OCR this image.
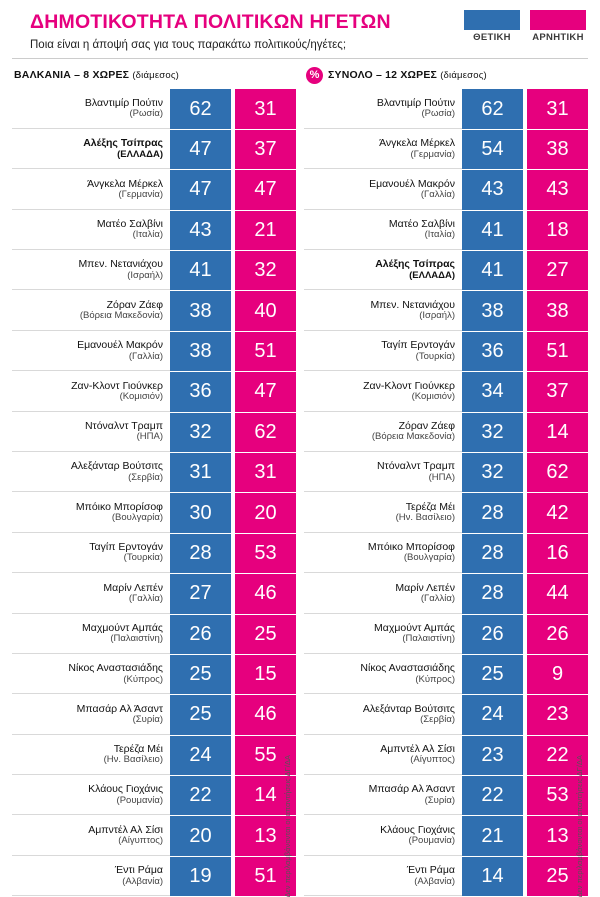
ΘΕΤΙΚΗ	ΑΡΝΗΤΙΚΗ
ΔΗΜΟΤΙΚΟΤΗΤΑ ΠΟΛΙΤΙΚΩΝ ΗΓΕΤΩΝ
Ποια είναι η άποψή σας για τους παρακάτω πολιτικούς/ηγέτες;
ΒΑΛΚΑΝΙΑ – 8 ΧΩΡΕΣ (διάμεσος)
Βλαντιμίρ Πούτιν
(Ρωσία)	62	31
Αλέξης Τσίπρας
(ΕΛΛΑΔΑ)	47	37
Άνγκελα Μέρκελ
(Γερμανία)	47	47
Ματέο Σαλβίνι
(Ιταλία)	43	21
Μπεν. Νετανιάχου
(Ισραήλ)	41	32
Ζόραν Ζάεφ
(Βόρεια Μακεδονία)	38	40
Εμανουέλ Μακρόν
(Γαλλία)	38	51
Ζαν-Κλοντ Γιούνκερ
(Κομισιόν)	36	47
Ντόναλντ Τραμπ
(ΗΠΑ)	32	62
Αλεξάνταρ Βούτσιτς
(Σερβία)	31	31
Μπόικο Μπορίσοφ
(Βουλγαρία)	30	20
Ταγίπ Ερντογάν
(Τουρκία)	28	53
Μαρίν Λεπέν
(Γαλλία)	27	46
Μαχμούντ Αμπάς
(Παλαιστίνη)	26	25
Νίκος Αναστασιάδης
(Κύπρος)	25	15
Μπασάρ Αλ Άσαντ
(Συρία)	25	46
Τερέζα Μέι
(Ην. Βασίλειο)	24	55
Κλάους Γιοχάνις
(Ρουμανία)	22	14
Αμπντέλ Αλ Σίσι
(Αίγυπτος)	20	13
Έντι Ράμα
(Αλβανία)	19	51 Δεν περιλαμβάνονται οι απαντήσεις ΔΓ/ΔΑ
% ΣΥΝΟΛΟ – 12 ΧΩΡΕΣ (διάμεσος)
Βλαντιμίρ Πούτιν
(Ρωσία)	62	31
Άνγκελα Μέρκελ
(Γερμανία)	54	38
Εμανουέλ Μακρόν
(Γαλλία)	43	43
Ματέο Σαλβίνι
(Ιταλία)	41	18
Αλέξης Τσίπρας
(ΕΛΛΑΔΑ)	41	27
Μπεν. Νετανιάχου
(Ισραήλ)	38	38
Ταγίπ Ερντογάν
(Τουρκία)	36	51
Ζαν-Κλοντ Γιούνκερ
(Κομισιόν)	34	37
Ζόραν Ζάεφ
(Βόρεια Μακεδονία)	32	14
Ντόναλντ Τραμπ
(ΗΠΑ)	32	62
Τερέζα Μέι
(Ην. Βασίλειο)	28	42
Μπόικο Μπορίσοφ
(Βουλγαρία)	28	16
Μαρίν Λεπέν
(Γαλλία)	28	44
Μαχμούντ Αμπάς
(Παλαιστίνη)	26	26
Νίκος Αναστασιάδης
(Κύπρος)	25	9
Αλεξάνταρ Βούτσιτς
(Σερβία)	24	23
Αμπντέλ Αλ Σίσι
(Αίγυπτος)	23	22
Μπασάρ Αλ Άσαντ
(Συρία)	22	53
Κλάους Γιοχάνις
(Ρουμανία)	21	13
Έντι Ράμα
(Αλβανία)	14	25 Δεν περιλαμβάνονται οι απαντήσεις ΔΓ/ΔΑ
